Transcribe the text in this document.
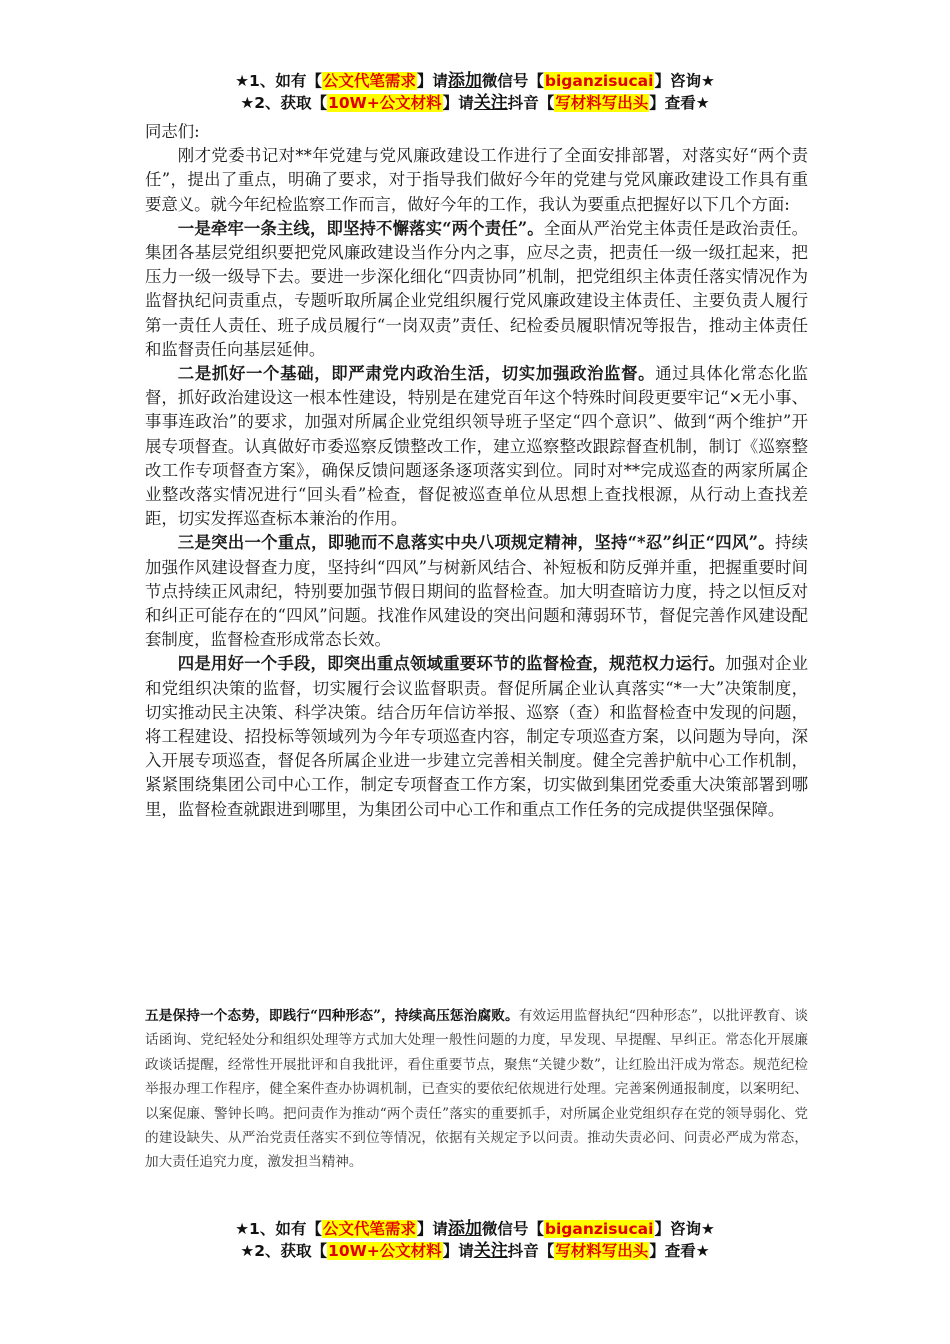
★1、如有【公文代笔需求】请添加微信号【biganzisucai】咨询★
★2、获取【10W+公文材料】请关注抖音【写材料写出头】查看★

同志们:

刚才党委书记对**年党建与党风廉政建设工作进行了全面安排部署，对落实好“两个责任”，提出了重点，明确了要求，对于指导我们做好今年的党建与党风廉政建设工作具有重要意义。就今年纪检监察工作而言，做好今年的工作，我认为要重点把握好以下几个方面:

一是牵牢一条主线，即坚持不懈落实“两个责任”。全面从严治党主体责任是政治责任。集团各基层党组织要把党风廉政建设当作分内之事，应尽之责，把责任一级一级扛起来，把压力一级一级导下去。要进一步深化细化“四责协同”机制，把党组织主体责任落实情况作为监督执纪问责重点，专题听取所属企业党组织履行党风廉政建设主体责任、主要负责人履行第一责任人责任、班子成员履行“一岗双责”责任、纪检委员履职情况等报告，推动主体责任和监督责任向基层延伸。

二是抓好一个基础，即严肃党内政治生活，切实加强政治监督。通过具体化常态化监督，抓好政治建设这一根本性建设，特别是在建党百年这个特殊时间段更要牢记“×无小事、事事连政治”的要求，加强对所属企业党组织领导班子坚定“四个意识”、做到“两个维护”开展专项督查。认真做好市委巡察反馈整改工作，建立巡察整改跟踪督查机制，制订《巡察整改工作专项督查方案》，确保反馈问题逐条逐项落实到位。同时对**完成巡查的两家所属企业整改落实情况进行“回头看”检查，督促被巡查单位从思想上查找根源，从行动上查找差距，切实发挥巡查标本兼治的作用。

三是突出一个重点，即驰而不息落实中央八项规定精神，坚持“*忍”纠正“四风”。持续加强作风建设督查力度，坚持纠“四风”与树新风结合、补短板和防反弹并重，把握重要时间节点持续正风肃纪，特别要加强节假日期间的监督检查。加大明查暗访力度，持之以恒反对和纠正可能存在的“四风”问题。找准作风建设的突出问题和薄弱环节，督促完善作风建设配套制度，监督检查形成常态长效。

四是用好一个手段，即突出重点领域重要环节的监督检查，规范权力运行。加强对企业和党组织决策的监督，切实履行会议监督职责。督促所属企业认真落实“*一大”决策制度，切实推动民主决策、科学决策。结合历年信访举报、巡察（查）和监督检查中发现的问题，将工程建设、招投标等领域列为今年专项巡查内容，制定专项巡查方案，以问题为导向，深入开展专项巡查，督促各所属企业进一步建立完善相关制度。健全完善护航中心工作机制，紧紧围绕集团公司中心工作，制定专项督查工作方案，切实做到集团党委重大决策部署到哪里，监督检查就跟进到哪里，为集团公司中心工作和重点工作任务的完成提供坚强保障。

五是保持一个态势，即践行“四种形态”，持续高压惩治腐败。有效运用监督执纪“四种形态”，以批评教育、谈话函询、党纪轻处分和组织处理等方式加大处理一般性问题的力度，早发现、早提醒、早纠正。常态化开展廉政谈话提醒，经常性开展批评和自我批评，看住重要节点，聚焦“关键少数”，让红脸出汗成为常态。规范纪检举报办理工作程序，健全案件查办协调机制，已查实的要依纪依规进行处理。完善案例通报制度，以案明纪、以案促廉、警钟长鸣。把问责作为推动“两个责任”落实的重要抓手，对所属企业党组织存在党的领导弱化、党的建设缺失、从严治党责任落实不到位等情况，依据有关规定予以问责。推动失责必问、问责必严成为常态，加大责任追究力度，激发担当精神。

★1、如有【公文代笔需求】请添加微信号【biganzisucai】咨询★
★2、获取【10W+公文材料】请关注抖音【写材料写出头】查看★
